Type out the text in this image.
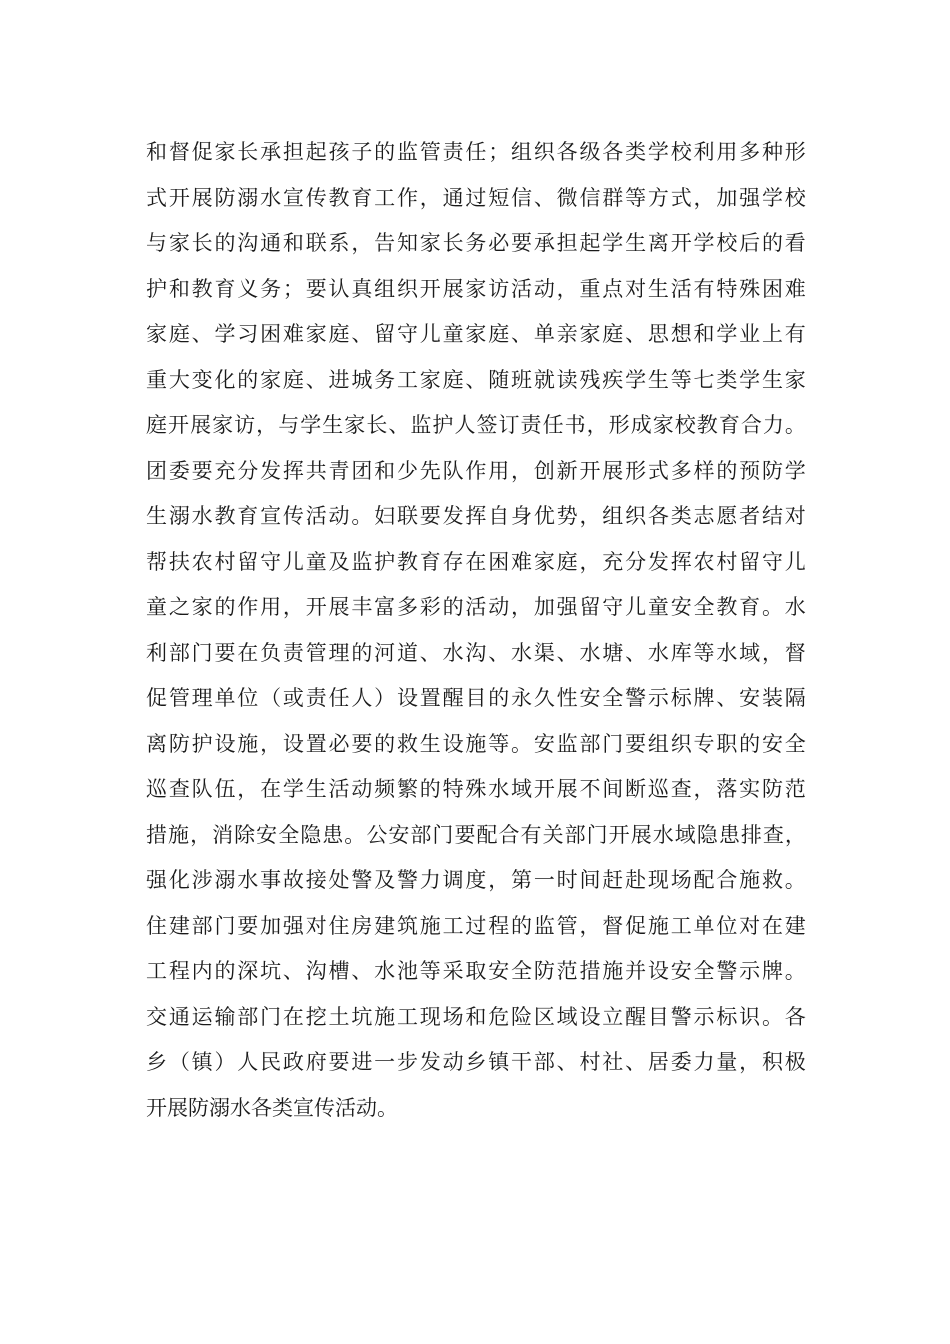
和 督 促 家 长 承 担 起 孩 子 的 监 管 责 任 ； 组 织 各 级 各 类 学 校 利 用 多 种 形
式 开 展 防 溺 水 宣 传 教 育 工 作 ， 通 过 短 信 、 微 信 群 等 方 式 ， 加 强 学 校
与 家 长 的 沟 通 和 联 系 ， 告 知 家 长 务 必 要 承 担 起 学 生 离 开 学 校 后 的 看
护 和 教 育 义 务 ； 要 认 真 组 织 开 展 家 访 活 动 ， 重 点 对 生 活 有 特 殊 困 难
家 庭 、 学 习 困 难 家 庭 、 留 守 儿 童 家 庭 、 单 亲 家 庭 、 思 想 和 学 业 上 有
重 大 变 化 的 家 庭 、 进 城 务 工 家 庭 、 随 班 就 读 残 疾 学 生 等 七 类 学 生 家
庭 开 展 家 访 ， 与 学 生 家 长 、 监 护 人 签 订 责 任 书 ， 形 成 家 校 教 育 合 力 。
团 委 要 充 分 发 挥 共 青 团 和 少 先 队 作 用 ， 创 新 开 展 形 式 多 样 的 预 防 学
生 溺 水 教 育 宣 传 活 动 。 妇 联 要 发 挥 自 身 优 势 ， 组 织 各 类 志 愿 者 结 对
帮 扶 农 村 留 守 儿 童 及 监 护 教 育 存 在 困 难 家 庭 ， 充 分 发 挥 农 村 留 守 儿
童 之 家 的 作 用 ， 开 展 丰 富 多 彩 的 活 动 ， 加 强 留 守 儿 童 安 全 教 育 。 水
利 部 门 要 在 负 责 管 理 的 河 道 、 水 沟 、 水 渠 、 水 塘 、 水 库 等 水 域 ， 督
促 管 理 单 位 （ 或 责 任 人 ） 设 置 醒 目 的 永 久 性 安 全 警 示 标 牌 、 安 装 隔
离 防 护 设 施 ， 设 置 必 要 的 救 生 设 施 等 。 安 监 部 门 要 组 织 专 职 的 安 全
巡 查 队 伍 ， 在 学 生 活 动 频 繁 的 特 殊 水 域 开 展 不 间 断 巡 查 ， 落 实 防 范
措 施 ， 消 除 安 全 隐 患 。 公 安 部 门 要 配 合 有 关 部 门 开 展 水 域 隐 患 排 查 ，
强 化 涉 溺 水 事 故 接 处 警 及 警 力 调 度 ， 第 一 时 间 赶 赴 现 场 配 合 施 救 。
住 建 部 门 要 加 强 对 住 房 建 筑 施 工 过 程 的 监 管 ， 督 促 施 工 单 位 对 在 建
工 程 内 的 深 坑 、 沟 槽 、 水 池 等 采 取 安 全 防 范 措 施 并 设 安 全 警 示 牌 。
交 通 运 输 部 门 在 挖 土 坑 施 工 现 场 和 危 险 区 域 设 立 醒 目 警 示 标 识 。 各
乡 （ 镇 ） 人 民 政 府 要 进 一 步 发 动 乡 镇 干 部 、 村 社 、 居 委 力 量 ， 积 极
开展防溺水各类宣传活动。
